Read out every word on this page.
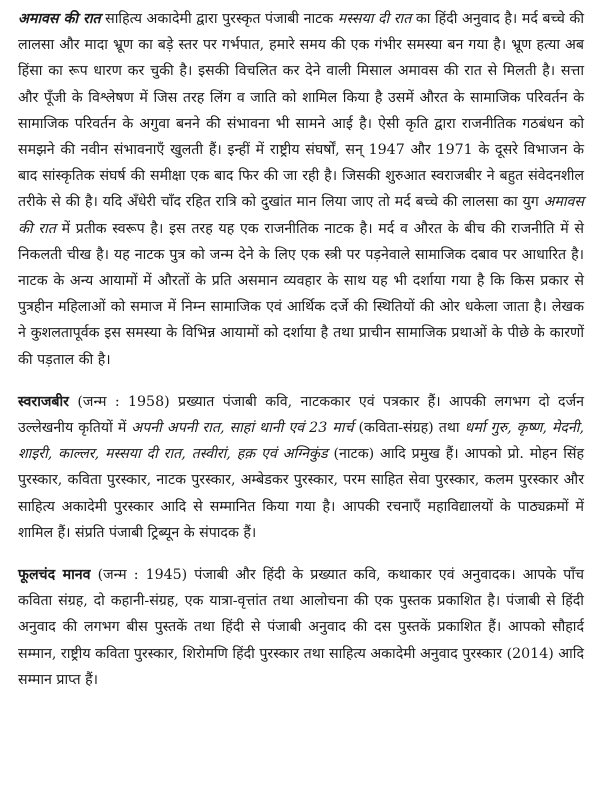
अमावस की रात साहित्य अकादेमी द्वारा पुरस्कृत पंजाबी नाटक मस्सया दी रात का हिंदी अनुवाद है। मर्द बच्चे की लालसा और मादा भ्रूण का बड़े स्तर पर गर्भपात, हमारे समय की एक गंभीर समस्या बन गया है। भ्रूण हत्या अब हिंसा का रूप धारण कर चुकी है। इसकी विचलित कर देने वाली मिसाल अमावस की रात से मिलती है। सत्ता और पूँजी के विश्लेषण में जिस तरह लिंग व जाति को शामिल किया है उसमें औरत के सामाजिक परिवर्तन के सामाजिक परिवर्तन के अगुवा बनने की संभावना भी सामने आई है। ऐसी कृति द्वारा राजनीतिक गठबंधन को समझने की नवीन संभावनाएँ खुलती हैं। इन्हीं में राष्ट्रीय संघर्षों, सन् 1947 और 1971 के दूसरे विभाजन के बाद सांस्कृतिक संघर्ष की समीक्षा एक बाद फिर की जा रही है। जिसकी शुरुआत स्वराजबीर ने बहुत संवेदनशील तरीके से की है। यदि अँधेरी चाँद रहित रात्रि को दुखांत मान लिया जाए तो मर्द बच्चे की लालसा का युग अमावस की रात में प्रतीक स्वरूप है। इस तरह यह एक राजनीतिक नाटक है। मर्द व औरत के बीच की राजनीति में से निकलती चीख है। यह नाटक पुत्र को जन्म देने के लिए एक स्त्री पर पड़नेवाले सामाजिक दबाव पर आधारित है। नाटक के अन्य आयामों में औरतों के प्रति असमान व्यवहार के साथ यह भी दर्शाया गया है कि किस प्रकार से पुत्रहीन महिलाओं को समाज में निम्न सामाजिक एवं आर्थिक दर्जे की स्थितियों की ओर धकेला जाता है। लेखक ने कुशलतापूर्वक इस समस्या के विभिन्न आयामों को दर्शाया है तथा प्राचीन सामाजिक प्रथाओं के पीछे के कारणों की पड़ताल की है।

स्वराजबीर (जन्म : 1958) प्रख्यात पंजाबी कवि, नाटककार एवं पत्रकार हैं। आपकी लगभग दो दर्जन उल्लेखनीय कृतियों में अपनी अपनी रात, साहां थानी एवं 23 मार्च (कविता-संग्रह) तथा धर्मा गुरु, कृष्ण, मेदनी, शाइरी, काल्लर, मस्सया दी रात, तस्वीरां, हक़ एवं अग्निकुंड (नाटक) आदि प्रमुख हैं। आपको प्रो. मोहन सिंह पुरस्कार, कविता पुरस्कार, नाटक पुरस्कार, अम्बेडकर पुरस्कार, परम साहित सेवा पुरस्कार, कलम पुरस्कार और साहित्य अकादेमी पुरस्कार आदि से सम्मानित किया गया है। आपकी रचनाएँ महाविद्यालयों के पाठ्यक्रमों में शामिल हैं। संप्रति पंजाबी ट्रिब्यून के संपादक हैं।

फूलचंद मानव (जन्म : 1945) पंजाबी और हिंदी के प्रख्यात कवि, कथाकार एवं अनुवादक। आपके पाँच कविता संग्रह, दो कहानी-संग्रह, एक यात्रा-वृत्तांत तथा आलोचना की एक पुस्तक प्रकाशित है। पंजाबी से हिंदी अनुवाद की लगभग बीस पुस्तकें तथा हिंदी से पंजाबी अनुवाद की दस पुस्तकें प्रकाशित हैं। आपको सौहार्द सम्मान, राष्ट्रीय कविता पुरस्कार, शिरोमणि हिंदी पुरस्कार तथा साहित्य अकादेमी अनुवाद पुरस्कार (2014) आदि सम्मान प्राप्त हैं।
